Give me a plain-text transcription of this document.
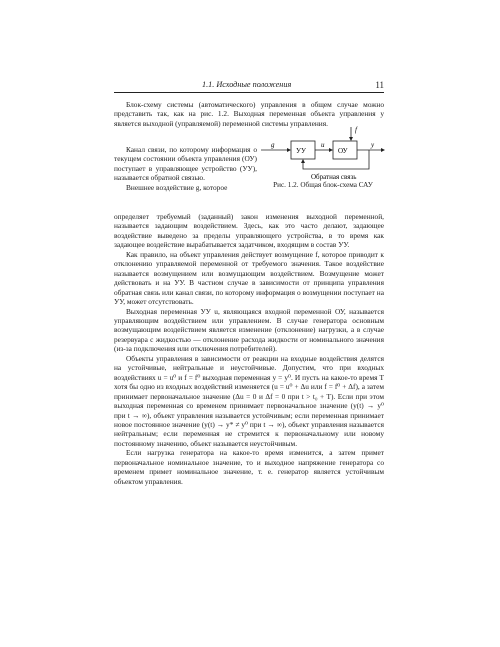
1.1. Исходные положения	11

Блок-схему системы (автоматического) управления в общем случае можно представить так, как на рис. 1.2. Выходная переменная объекта управления y является выходной (управляемой) переменной системы управления.

Канал связи, по которому информация о текущем состоянии объекта управления (ОУ) поступает в управляющее устройство (УУ), называется обратной связью.

Внешнее воздействие g, которое

g
УУ
u
ОУ
y
f
Обратная связь
Рис. 1.2. Общая блок-схема САУ

определяет требуемый (заданный) закон изменения выходной переменной, называется задающим воздействием. Здесь, как это часто делают, задающее воздействие выведено за пределы управляющего устройства, в то время как задающее воздействие вырабатывается задатчиком, входящим в состав УУ.

Как правило, на объект управления действует возмущение f, которое приводит к отклонению управляемой переменной от требуемого значения. Такое воздействие называется возмущением или возмущающим воздействием. Возмущение может действовать и на УУ. В частном случае в зависимости от принципа управления обратная связь или канал связи, по которому информация о возмущении поступает на УУ, может отсутствовать.

Выходная переменная УУ u, являющаяся входной переменной ОУ, называется управляющим воздействием или управлением. В случае генератора основным возмущающим воздействием является изменение (отклонение) нагрузки, а в случае резервуара с жидкостью — отклонение расхода жидкости от номинального значения (из-за подключения или отключения потребителей).

Объекты управления в зависимости от реакции на входные воздействия делятся на устойчивые, нейтральные и неустойчивые. Допустим, что при входных воздействиях u = u⁰ и f = f⁰ выходная переменная y = y⁰. И пусть на какое-то время T хотя бы одно из входных воздействий изменяется (u = u⁰ + Δu или f = f⁰ + Δf), а затем принимает первоначальное значение (Δu = 0 и Δf = 0 при t > t₀ + T). Если при этом выходная переменная со временем принимает первоначальное значение (y(t) → y⁰ при t → ∞), объект управления называется устойчивым; если переменная принимает новое постоянное значение (y(t) → y* ≠ y⁰ при t → ∞), объект управления называется нейтральным; если переменная не стремится к первоначальному или новому постоянному значению, объект называется неустойчивым.

Если нагрузка генератора на какое-то время изменится, а затем примет первоначальное номинальное значение, то и выходное напряжение генератора со временем примет номинальное значение, т. е. генератор является устойчивым объектом управления.
